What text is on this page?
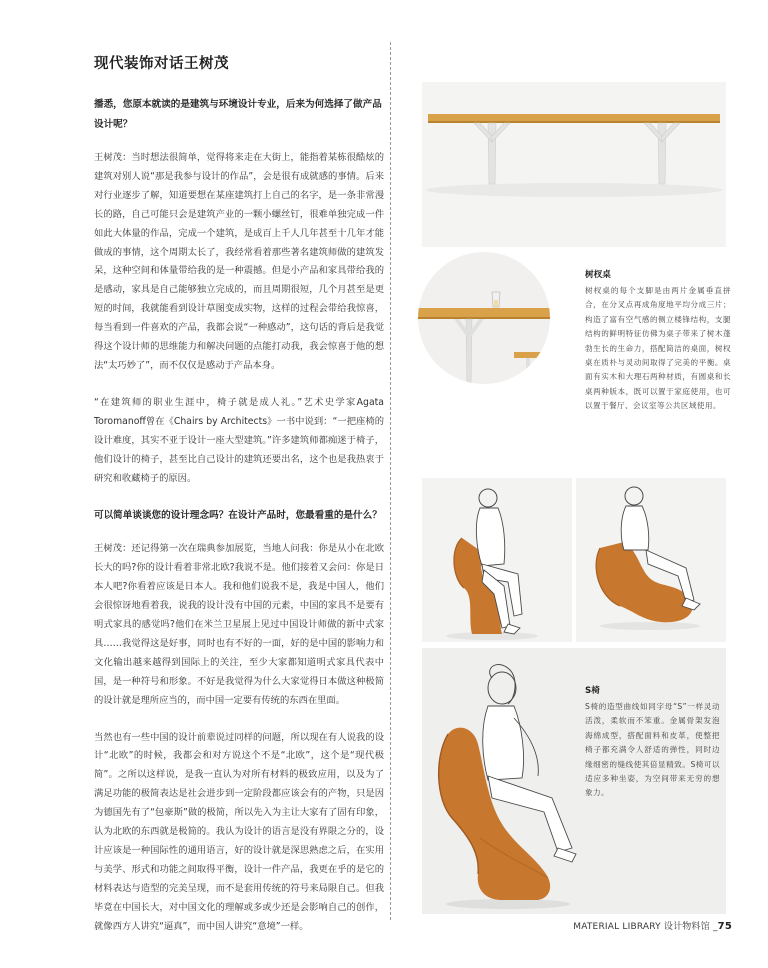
现代装饰对话王树茂
播悉，您原本就读的是建筑与环境设计专业，后来为何选择了做产品设计呢？
王树茂：当时想法很简单，觉得将来走在大街上，能指着某栋很酷炫的建筑对别人说“那是我参与设计的作品”，会是很有成就感的事情。后来对行业逐步了解，知道要想在某座建筑打上自己的名字，是一条非常漫长的路，自己可能只会是建筑产业的一颗小螺丝钉，很难单独完成一件如此大体量的作品，完成一个建筑，是成百上千人几年甚至十几年才能做成的事情，这个周期太长了，我经常看着那些著名建筑师做的建筑发呆，这种空间和体量带给我的是一种震撼。但是小产品和家具带给我的是感动，家具是自己能够独立完成的，而且周期很短，几个月甚至是更短的时间，我就能看到设计草图变成实物，这样的过程会带给我惊喜，每当看到一件喜欢的产品，我都会说“一种感动”，这句话的背后是我觉得这个设计师的思维能力和解决问题的点能打动我，我会惊喜于他的想法“太巧妙了”，而不仅仅是感动于产品本身。
“在建筑师的职业生涯中，椅子就是成人礼。”艺术史学家Agata Toromanoff曾在《Chairs by Architects》一书中说到：“一把座椅的设计难度，其实不亚于设计一座大型建筑。”许多建筑师都痴迷于椅子，他们设计的椅子，甚至比自己设计的建筑还要出名，这个也是我热衷于研究和收藏椅子的原因。
可以简单谈谈您的设计理念吗？在设计产品时，您最看重的是什么？
王树茂：还记得第一次在瑞典参加展览，当地人问我：你是从小在北欧长大的吗?你的设计看着非常北欧?我说不是。他们接着又会问：你是日本人吧?你看着应该是日本人。我和他们说我不是，我是中国人，他们会很惊讶地看着我，说我的设计没有中国的元素，中国的家具不是要有明式家具的感觉吗?他们在米兰卫星展上见过中国设计师做的新中式家具……我觉得这是好事，同时也有不好的一面，好的是中国的影响力和文化输出越来越得到国际上的关注，至少大家都知道明式家具代表中国，是一种符号和形象。不好是我觉得为什么大家觉得日本做这种极简的设计就是理所应当的，而中国一定要有传统的东西在里面。
当然也有一些中国的设计前辈说过同样的问题，所以现在有人说我的设计“北欧”的时候，我都会和对方说这个不是“北欧”，这个是“现代极简”。之所以这样说，是我一直认为对所有材料的极致应用，以及为了满足功能的极简表达是社会进步到一定阶段都应该会有的产物，只是因为德国先有了“包豪斯”做的极简，所以先入为主让大家有了固有印象，认为北欧的东西就是极简的。我认为设计的语言是没有界限之分的，设计应该是一种国际性的通用语言，好的设计就是深思熟虑之后，在实用与美学、形式和功能之间取得平衡，设计一件产品，我更在乎的是它的材料表达与造型的完美呈现，而不是套用传统的符号来局限自己。但我毕竟在中国长大，对中国文化的理解或多或少还是会影响自己的创作，就像西方人讲究“逼真”，而中国人讲究“意境”一样。
树杈桌
树杈桌的每个支脚是由两片金属垂直拼合，在分叉点再成角度地平均分成三片；构造了富有空气感的侧立楼锋结构，支腿结构的鲜明特征仿佛为桌子带来了树木蓬勃生长的生命力，搭配简洁的桌面，树杈桌在质朴与灵动间取得了完美的平衡。桌面有实木和大理石两种材质，有圆桌和长桌两种版本，既可以置于家庭使用，也可以置于餐厅、会议室等公共区域使用。
S椅
S椅的造型曲线如同字母“S”一样灵动活泼，柔软而不笨重。金属骨架发泡海绵成型，搭配面料和皮革，使整把椅子都充满令人舒适的弹性，同时边缘细密的缝线使其倍显精致。S椅可以适应多种坐姿，为空间带来无穷的想象力。
MATERIAL LIBRARY 设计物料馆 _75
